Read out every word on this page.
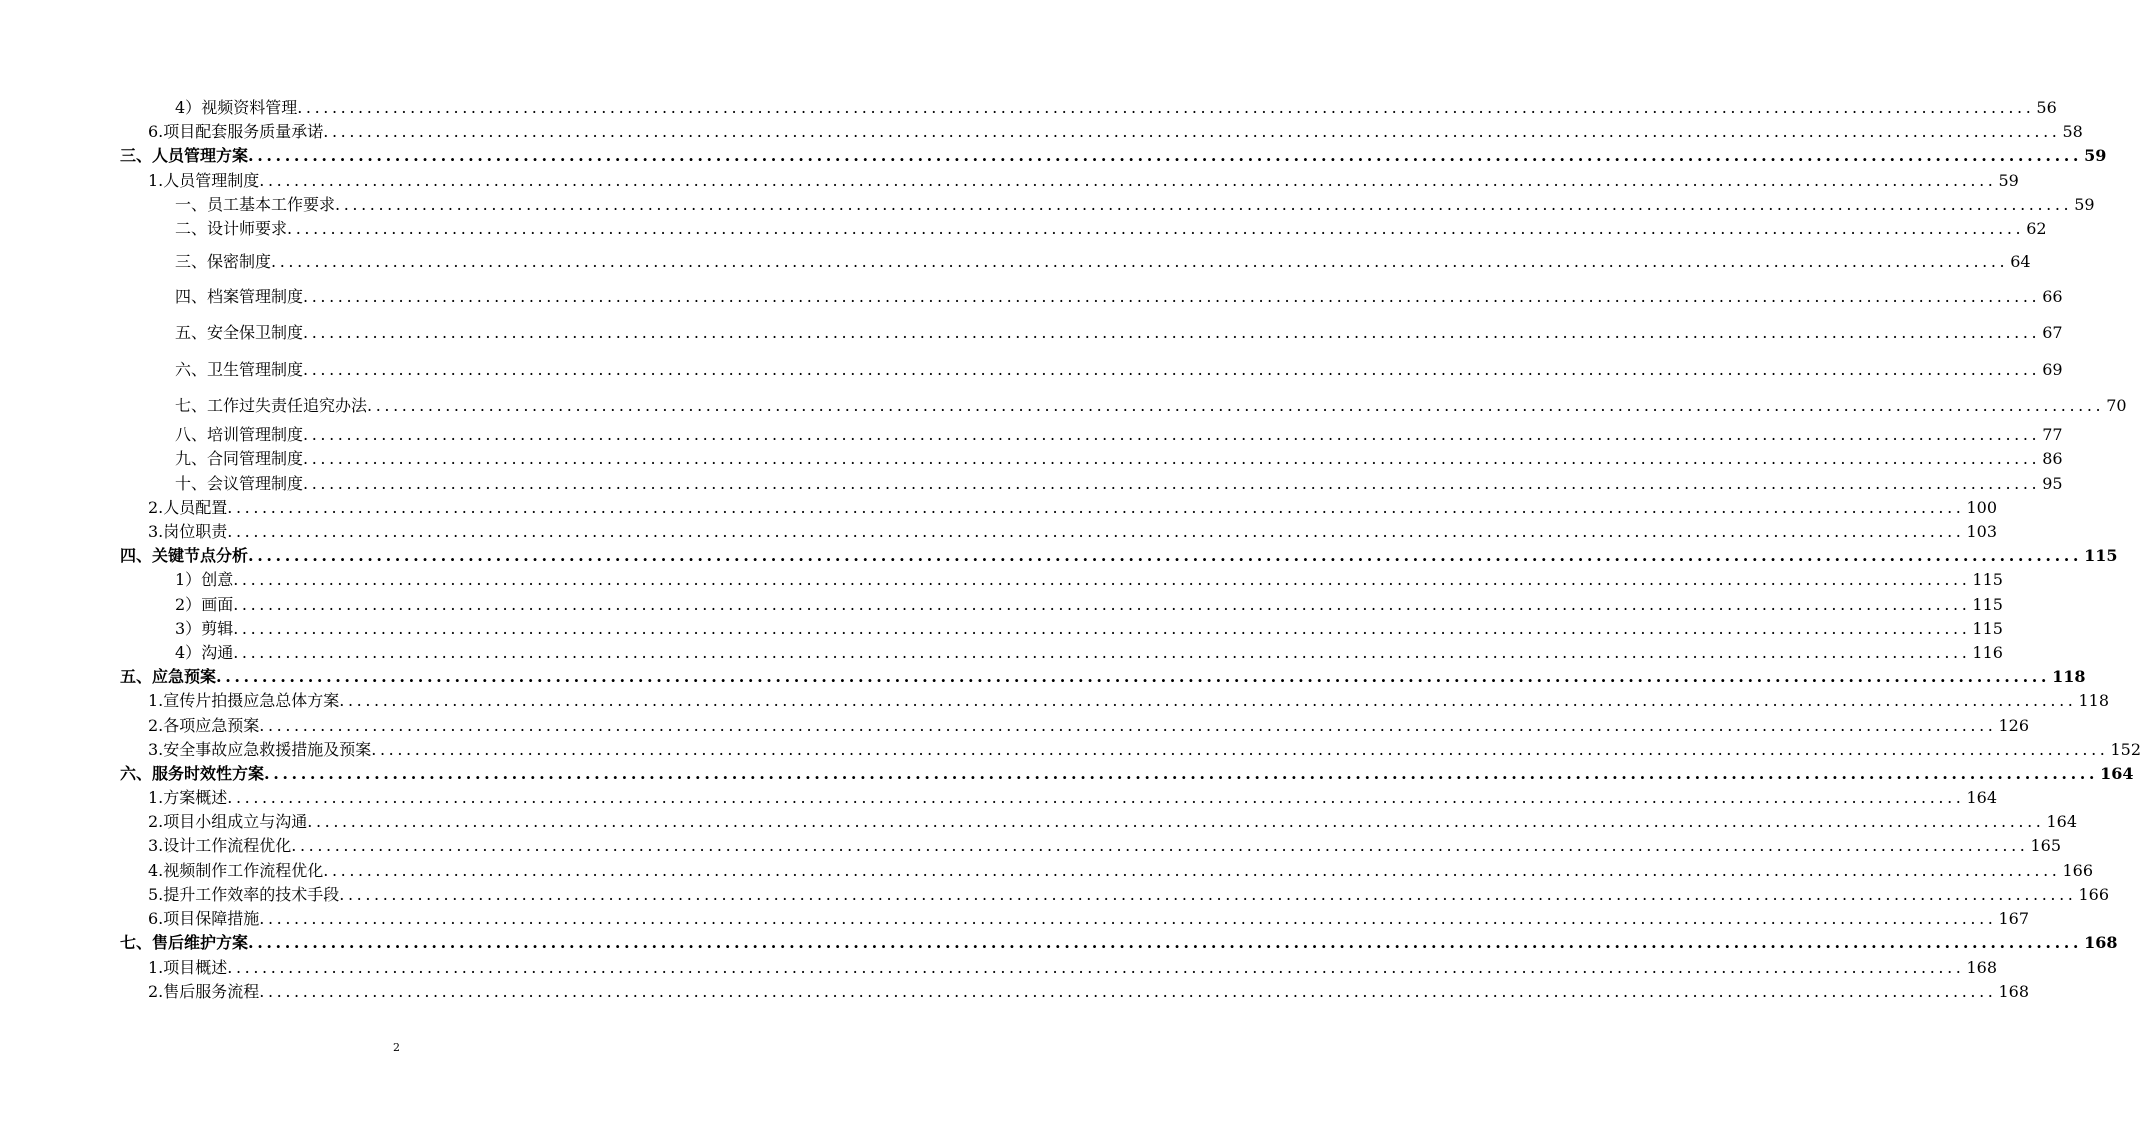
4） 视频资料管理 ........................................................................................................................................................................................................ 56
6. 项目配套服务质量承诺 ........................................................................................................................................................................................................ 58
三、 人员管理方案 ........................................................................................................................................................................................................ 59
1. 人员管理制度 ........................................................................................................................................................................................................ 59
一、员工基本工作要求 ........................................................................................................................................................................................................ 59
二、设计师要求 ........................................................................................................................................................................................................ 62
三、保密制度 ........................................................................................................................................................................................................ 64
四、档案管理制度 ........................................................................................................................................................................................................ 66
五、安全保卫制度 ........................................................................................................................................................................................................ 67
六、卫生管理制度 ........................................................................................................................................................................................................ 69
七、工作过失责任追究办法 ........................................................................................................................................................................................................ 70
八、培训管理制度 ........................................................................................................................................................................................................ 77
九、合同管理制度 ........................................................................................................................................................................................................ 86
十、会议管理制度 ........................................................................................................................................................................................................ 95
2. 人员配置 ........................................................................................................................................................................................................ 100
3. 岗位职责 ........................................................................................................................................................................................................ 103
四、 关键节点分析 ........................................................................................................................................................................................................ 115
1） 创意 ........................................................................................................................................................................................................ 115
2） 画面 ........................................................................................................................................................................................................ 115
3） 剪辑 ........................................................................................................................................................................................................ 115
4） 沟通 ........................................................................................................................................................................................................ 116
五、 应急预案 ........................................................................................................................................................................................................ 118
1. 宣传片拍摄应急总体方案 ........................................................................................................................................................................................................ 118
2. 各项应急预案 ........................................................................................................................................................................................................ 126
3. 安全事故应急救援措施及预案 ........................................................................................................................................................................................................ 152
六、 服务时效性方案 ........................................................................................................................................................................................................ 164
1. 方案概述 ........................................................................................................................................................................................................ 164
2. 项目小组成立与沟通 ........................................................................................................................................................................................................ 164
3. 设计工作流程优化 ........................................................................................................................................................................................................ 165
4. 视频制作工作流程优化 ........................................................................................................................................................................................................ 166
5. 提升工作效率的技术手段 ........................................................................................................................................................................................................ 166
6. 项目保障措施 ........................................................................................................................................................................................................ 167
七、 售后维护方案 ........................................................................................................................................................................................................ 168
1. 项目概述 ........................................................................................................................................................................................................ 168
2. 售后服务流程 ........................................................................................................................................................................................................ 168
2
